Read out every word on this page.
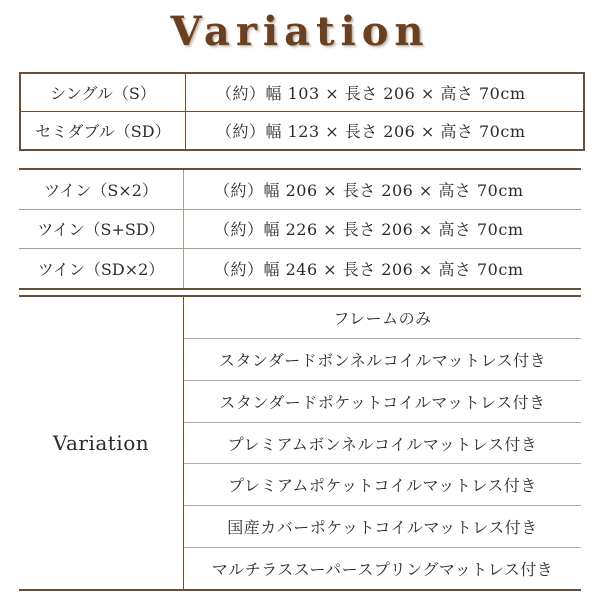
Variation
シングル（S）	（約）幅 103 × 長さ 206 × 高さ 70cm
セミダブル（SD）	（約）幅 123 × 長さ 206 × 高さ 70cm
ツイン（S×2）	（約）幅 206 × 長さ 206 × 高さ 70cm
ツイン（S+SD）	（約）幅 226 × 長さ 206 × 高さ 70cm
ツイン（SD×2）	（約）幅 246 × 長さ 206 × 高さ 70cm
Variation
フレームのみ
スタンダードボンネルコイルマットレス付き
スタンダードポケットコイルマットレス付き
プレミアムボンネルコイルマットレス付き
プレミアムポケットコイルマットレス付き
国産カバーポケットコイルマットレス付き
マルチラススーパースプリングマットレス付き
